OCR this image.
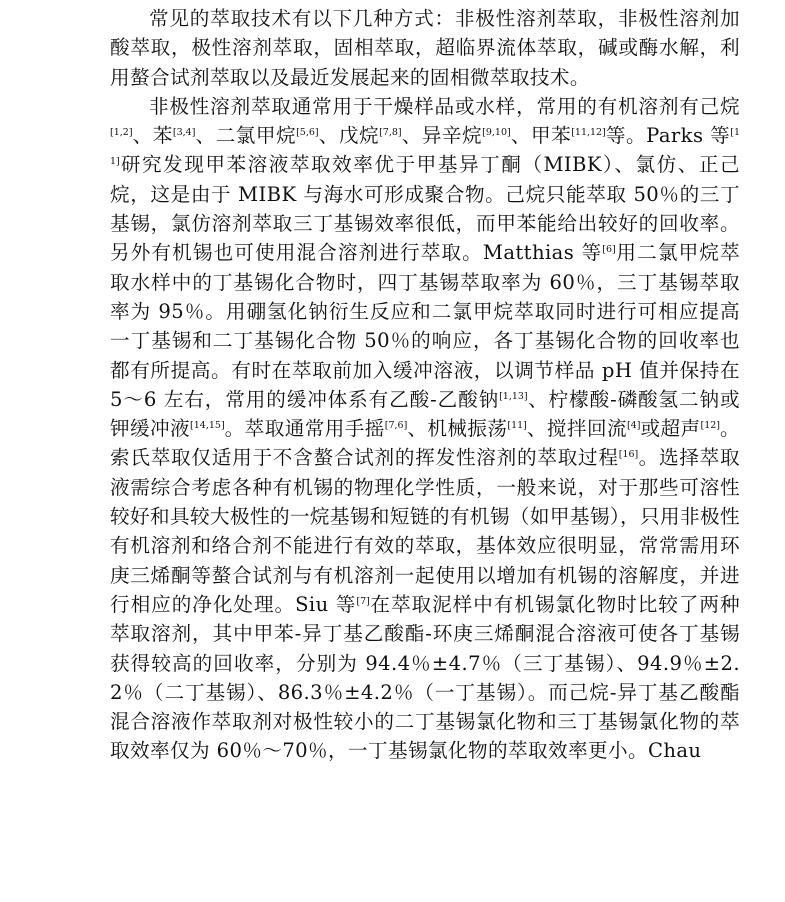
常见的萃取技术有以下几种方式：非极性溶剂萃取，非极性溶剂加酸萃取，极性溶剂萃取，固相萃取，超临界流体萃取，碱或酶水解，利用螯合试剂萃取以及最近发展起来的固相微萃取技术。

非极性溶剂萃取通常用于干燥样品或水样，常用的有机溶剂有己烷[1,2]、苯[3,4]、二氯甲烷[5,6]、戊烷[7,8]、异辛烷[9,10]、甲苯[11,12]等。Parks 等[11]研究发现甲苯溶液萃取效率优于甲基异丁酮（MIBK）、氯仿、正己烷，这是由于 MIBK 与海水可形成聚合物。己烷只能萃取 50％的三丁基锡，氯仿溶剂萃取三丁基锡效率很低，而甲苯能给出较好的回收率。另外有机锡也可使用混合溶剂进行萃取。Matthias 等[6]用二氯甲烷萃取水样中的丁基锡化合物时，四丁基锡萃取率为 60％，三丁基锡萃取率为 95％。用硼氢化钠衍生反应和二氯甲烷萃取同时进行可相应提高一丁基锡和二丁基锡化合物 50％的响应，各丁基锡化合物的回收率也都有所提高。有时在萃取前加入缓冲溶液，以调节样品 pH 值并保持在 5～6 左右，常用的缓冲体系有乙酸-乙酸钠[1,13]、柠檬酸-磷酸氢二钠或钾缓冲液[14,15]。萃取通常用手摇[7,6]、机械振荡[11]、搅拌回流[4]或超声[12]。索氏萃取仅适用于不含螯合试剂的挥发性溶剂的萃取过程[16]。选择萃取液需综合考虑各种有机锡的物理化学性质，一般来说，对于那些可溶性较好和具较大极性的一烷基锡和短链的有机锡（如甲基锡），只用非极性有机溶剂和络合剂不能进行有效的萃取，基体效应很明显，常常需用环庚三烯酮等螯合试剂与有机溶剂一起使用以增加有机锡的溶解度，并进行相应的净化处理。Siu 等[7]在萃取泥样中有机锡氯化物时比较了两种萃取溶剂，其中甲苯-异丁基乙酸酯-环庚三烯酮混合溶液可使各丁基锡获得较高的回收率，分别为 94.4％±4.7％（三丁基锡）、94.9％±2.2％（二丁基锡）、86.3％±4.2％（一丁基锡）。而己烷-异丁基乙酸酯混合溶液作萃取剂对极性较小的二丁基锡氯化物和三丁基锡氯化物的萃取效率仅为 60％～70％，一丁基锡氯化物的萃取效率更小。Chau
